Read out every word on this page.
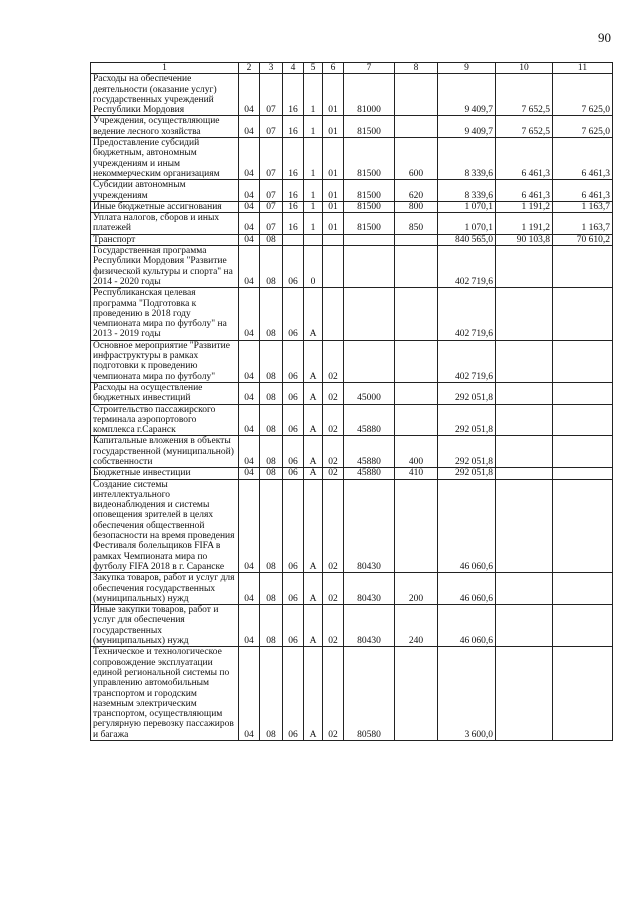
90
1	2	3	4	5	6	7	8	9	10	11
Расходы на обеспечение деятельности (оказание услуг) государственных учреждений Республики Мордовия	04	07	16	1	01	81000		9 409,7	7 652,5	7 625,0
Учреждения, осуществляющие ведение лесного хозяйства	04	07	16	1	01	81500		9 409,7	7 652,5	7 625,0
Предоставление субсидий бюджетным, автономным учреждениям и иным некоммерческим организациям	04	07	16	1	01	81500	600	8 339,6	6 461,3	6 461,3
Субсидии автономным учреждениям	04	07	16	1	01	81500	620	8 339,6	6 461,3	6 461,3
Иные бюджетные ассигнования	04	07	16	1	01	81500	800	1 070,1	1 191,2	1 163,7
Уплата налогов, сборов и иных платежей	04	07	16	1	01	81500	850	1 070,1	1 191,2	1 163,7
Транспорт	04	08						840 565,0	90 103,8	70 610,2
Государственная программа Республики Мордовия "Развитие физической культуры и спорта" на 2014 - 2020 годы	04	08	06	0				402 719,6		
Республиканская целевая программа "Подготовка к проведению в 2018 году чемпионата мира по футболу" на 2013 - 2019 годы	04	08	06	А				402 719,6		
Основное мероприятие "Развитие инфраструктуры в рамках подготовки к проведению чемпионата мира по футболу"	04	08	06	А	02			402 719,6		
Расходы на осуществление бюджетных инвестиций	04	08	06	А	02	45000		292 051,8		
Строительство пассажирского терминала аэропортового комплекса г.Саранск	04	08	06	А	02	45880		292 051,8		
Капитальные вложения в объекты государственной (муниципальной) собственности	04	08	06	А	02	45880	400	292 051,8		
Бюджетные инвестиции	04	08	06	А	02	45880	410	292 051,8		
Создание системы интеллектуального видеонаблюдения и системы оповещения зрителей в целях обеспечения общественной безопасности на время проведения Фестиваля болельщиков FIFA в рамках Чемпионата мира по футболу FIFA 2018 в г. Саранске	04	08	06	А	02	80430		46 060,6		
Закупка товаров, работ и услуг для обеспечения государственных (муниципальных) нужд	04	08	06	А	02	80430	200	46 060,6		
Иные закупки товаров, работ и услуг для обеспечения государственных (муниципальных) нужд	04	08	06	А	02	80430	240	46 060,6		
Техническое и технологическое сопровождение эксплуатации единой региональной системы по управлению автомобильным транспортом и городским наземным электрическим транспортом, осуществляющим регулярную перевозку пассажиров и багажа	04	08	06	А	02	80580		3 600,0		
